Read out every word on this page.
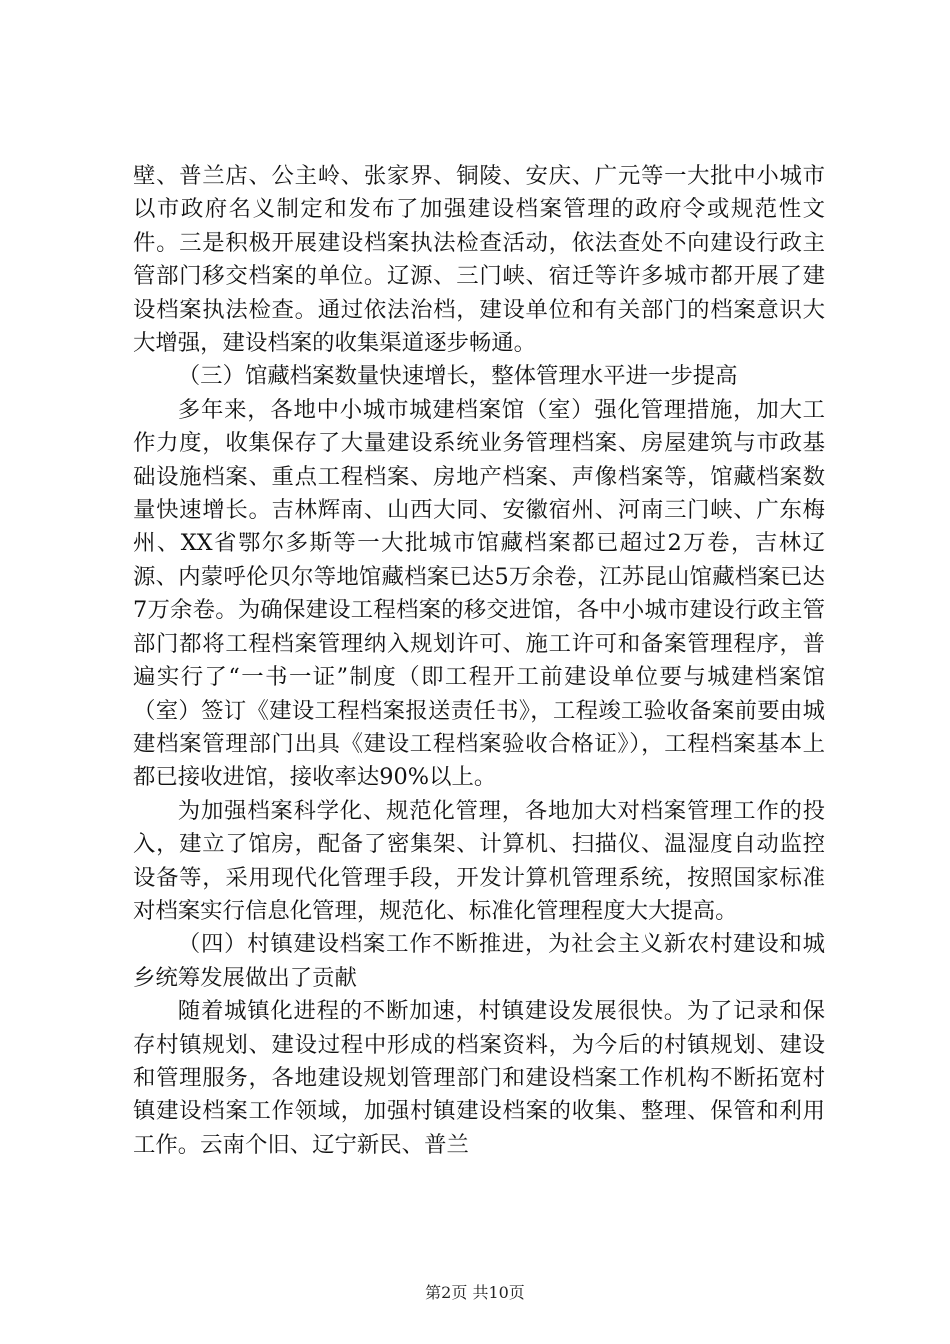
壁、普兰店、公主岭、张家界、铜陵、安庆、广元等一大批中小城市以市政府名义制定和发布了加强建设档案管理的政府令或规范性文件。三是积极开展建设档案执法检查活动，依法查处不向建设行政主管部门移交档案的单位。辽源、三门峡、宿迁等许多城市都开展了建设档案执法检查。通过依法治档，建设单位和有关部门的档案意识大大增强，建设档案的收集渠道逐步畅通。

（三）馆藏档案数量快速增长，整体管理水平进一步提高

多年来，各地中小城市城建档案馆（室）强化管理措施，加大工作力度，收集保存了大量建设系统业务管理档案、房屋建筑与市政基础设施档案、重点工程档案、房地产档案、声像档案等，馆藏档案数量快速增长。吉林辉南、山西大同、安徽宿州、河南三门峡、广东梅州、XX省鄂尔多斯等一大批城市馆藏档案都已超过2万卷，吉林辽源、内蒙呼伦贝尔等地馆藏档案已达5万余卷，江苏昆山馆藏档案已达7万余卷。为确保建设工程档案的移交进馆，各中小城市建设行政主管部门都将工程档案管理纳入规划许可、施工许可和备案管理程序，普遍实行了“一书一证”制度（即工程开工前建设单位要与城建档案馆（室）签订《建设工程档案报送责任书》，工程竣工验收备案前要由城建档案管理部门出具《建设工程档案验收合格证》），工程档案基本上都已接收进馆，接收率达90%以上。

为加强档案科学化、规范化管理，各地加大对档案管理工作的投入，建立了馆房，配备了密集架、计算机、扫描仪、温湿度自动监控设备等，采用现代化管理手段，开发计算机管理系统，按照国家标准对档案实行信息化管理，规范化、标准化管理程度大大提高。

（四）村镇建设档案工作不断推进，为社会主义新农村建设和城乡统筹发展做出了贡献

随着城镇化进程的不断加速，村镇建设发展很快。为了记录和保存村镇规划、建设过程中形成的档案资料，为今后的村镇规划、建设和管理服务，各地建设规划管理部门和建设档案工作机构不断拓宽村镇建设档案工作领域，加强村镇建设档案的收集、整理、保管和利用工作。云南个旧、辽宁新民、普兰

第2页 共10页
